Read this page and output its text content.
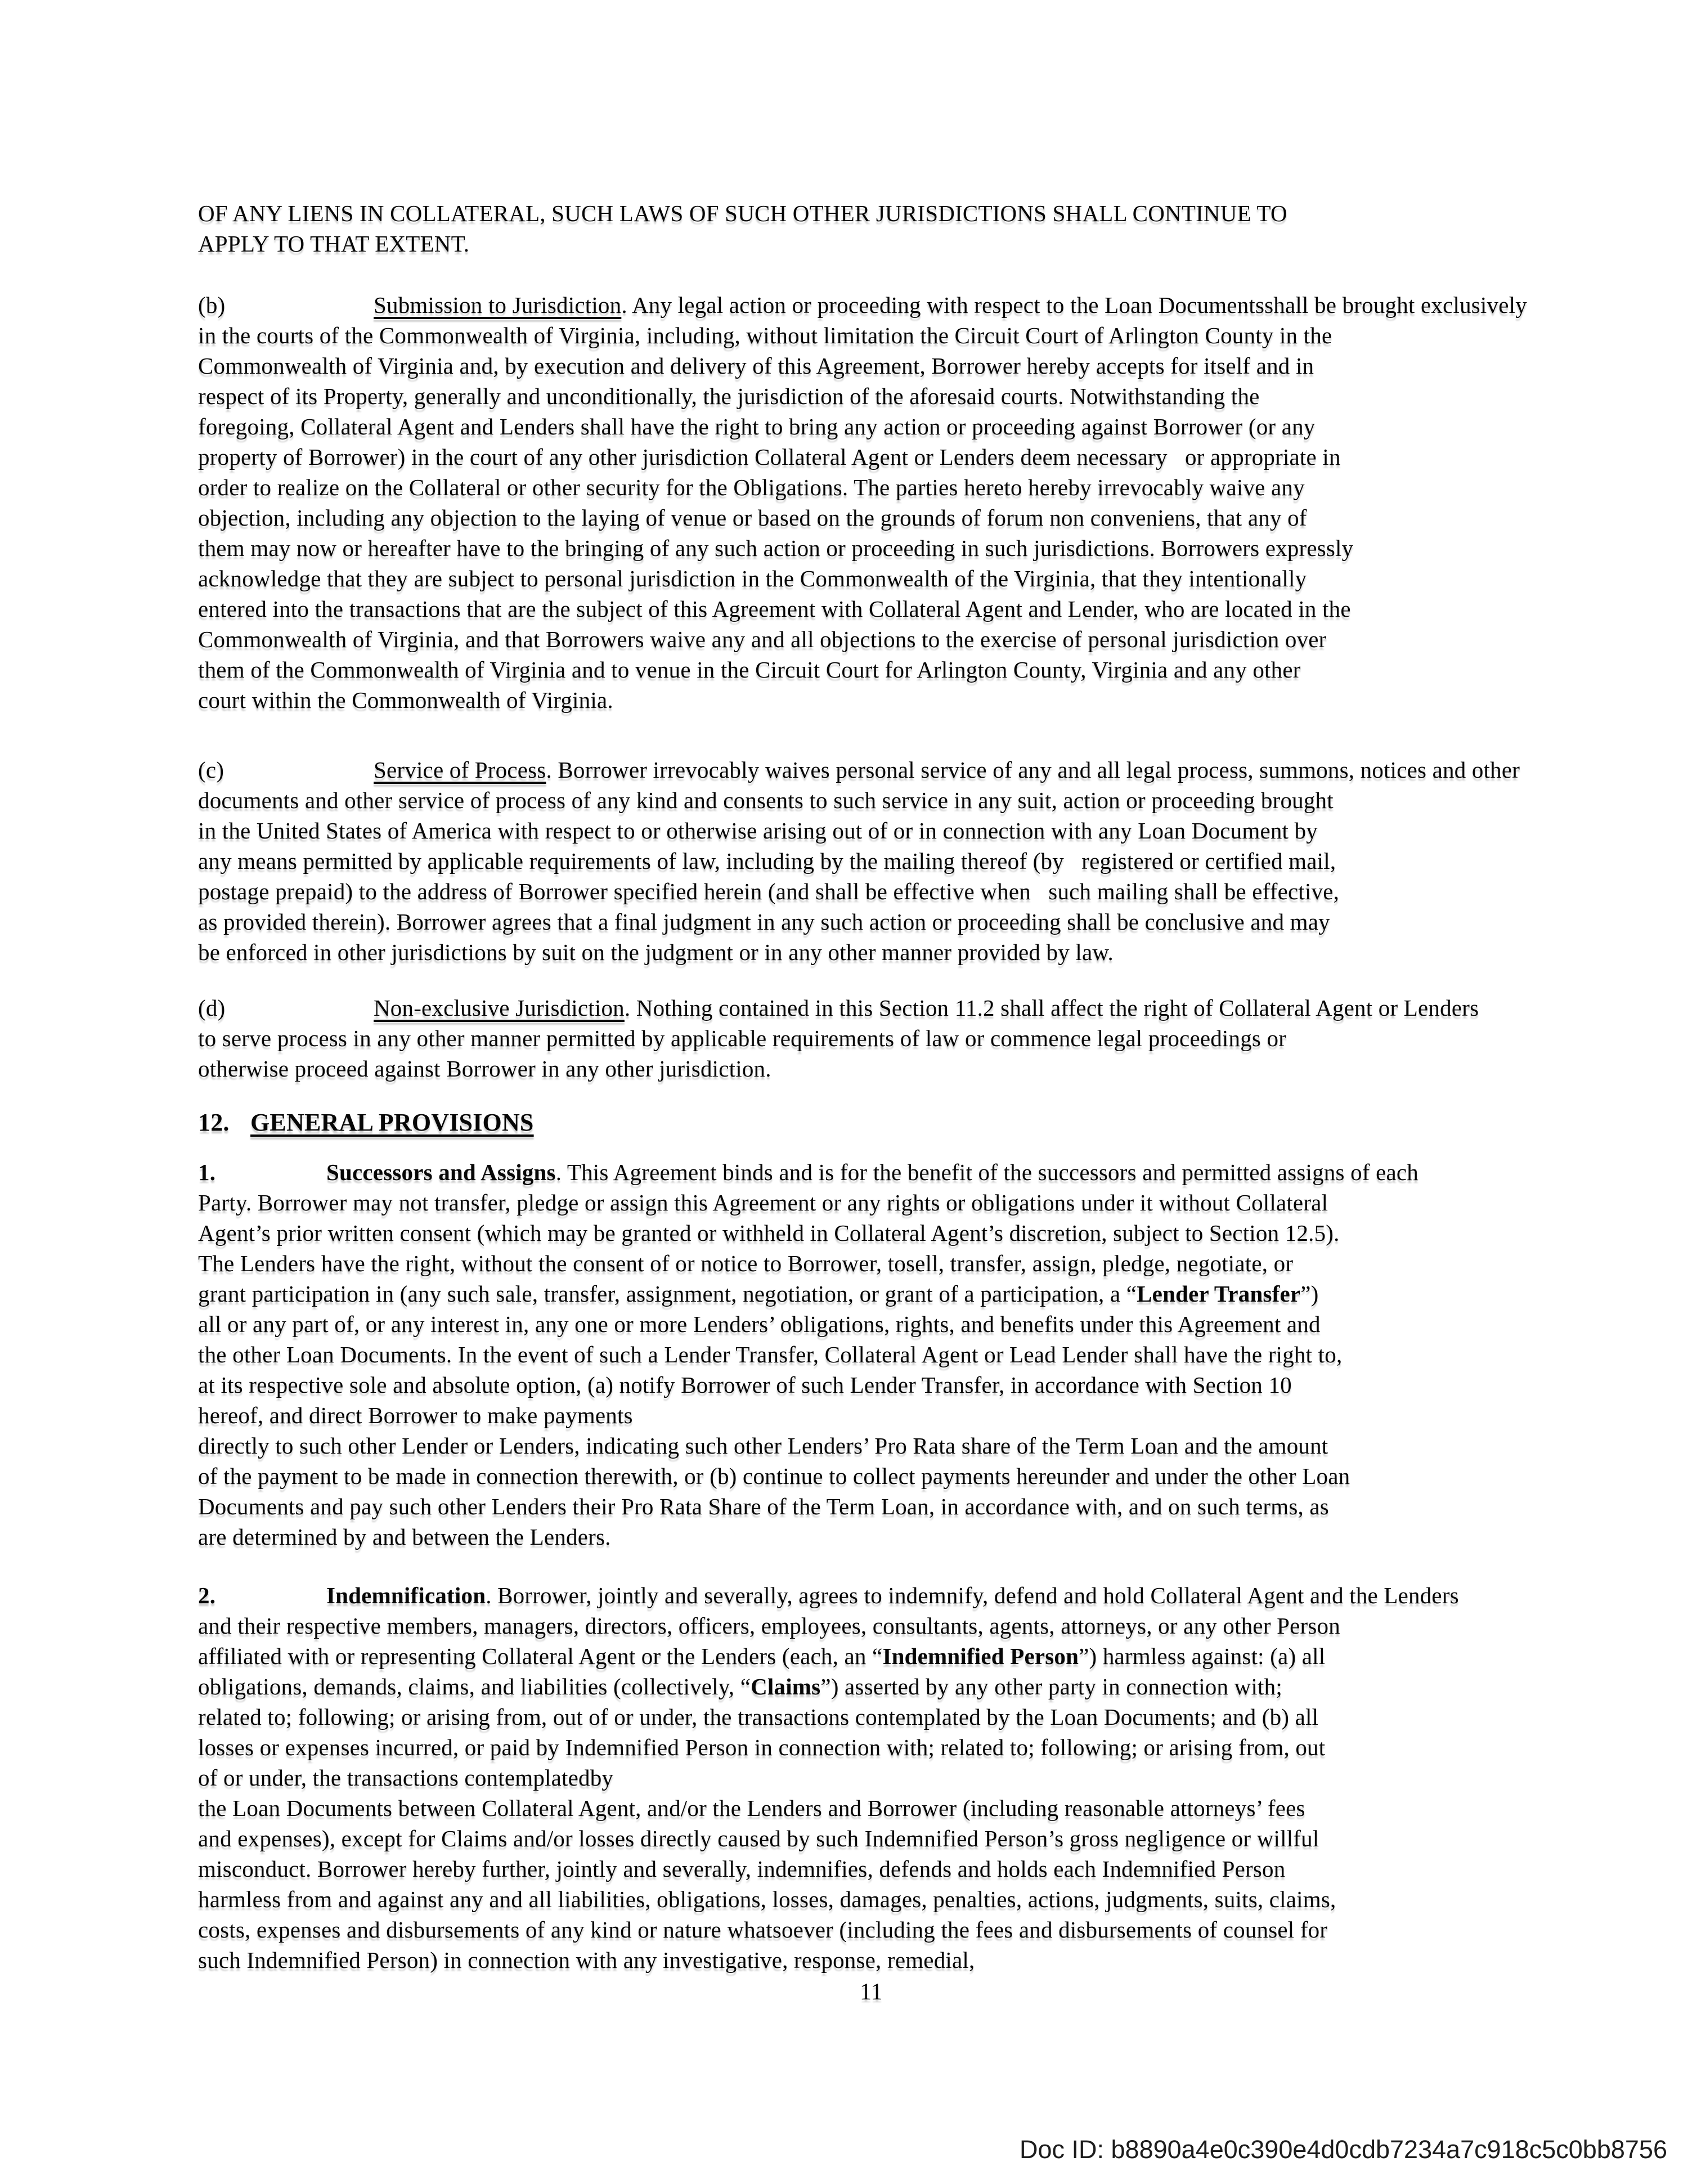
OF ANY LIENS IN COLLATERAL, SUCH LAWS OF SUCH OTHER JURISDICTIONS SHALL CONTINUE TO
APPLY TO THAT EXTENT.
(b)	Submission to Jurisdiction. Any legal action or proceeding with respect to the Loan Documentsshall be brought exclusively
in the courts of the Commonwealth of Virginia, including, without limitation the Circuit Court of Arlington County in the
Commonwealth of Virginia and, by execution and delivery of this Agreement, Borrower hereby accepts for itself and in
respect of its Property, generally and unconditionally, the jurisdiction of the aforesaid courts. Notwithstanding the
foregoing, Collateral Agent and Lenders shall have the right to bring any action or proceeding against Borrower (or any
property of Borrower) in the court of any other jurisdiction Collateral Agent or Lenders deem necessary   or appropriate in
order to realize on the Collateral or other security for the Obligations. The parties hereto hereby irrevocably waive any
objection, including any objection to the laying of venue or based on the grounds of forum non conveniens, that any of
them may now or hereafter have to the bringing of any such action or proceeding in such jurisdictions. Borrowers expressly
acknowledge that they are subject to personal jurisdiction in the Commonwealth of the Virginia, that they intentionally
entered into the transactions that are the subject of this Agreement with Collateral Agent and Lender, who are located in the
Commonwealth of Virginia, and that Borrowers waive any and all objections to the exercise of personal jurisdiction over
them of the Commonwealth of Virginia and to venue in the Circuit Court for Arlington County, Virginia and any other
court within the Commonwealth of Virginia.
(c)	Service of Process. Borrower irrevocably waives personal service of any and all legal process, summons, notices and other
documents and other service of process of any kind and consents to such service in any suit, action or proceeding brought
in the United States of America with respect to or otherwise arising out of or in connection with any Loan Document by
any means permitted by applicable requirements of law, including by the mailing thereof (by   registered or certified mail,
postage prepaid) to the address of Borrower specified herein (and shall be effective when   such mailing shall be effective,
as provided therein). Borrower agrees that a final judgment in any such action or proceeding shall be conclusive and may
be enforced in other jurisdictions by suit on the judgment or in any other manner provided by law.
(d)	Non-exclusive Jurisdiction. Nothing contained in this Section 11.2 shall affect the right of Collateral Agent or Lenders
to serve process in any other manner permitted by applicable requirements of law or commence legal proceedings or
otherwise proceed against Borrower in any other jurisdiction.
12. GENERAL PROVISIONS
1.	Successors and Assigns. This Agreement binds and is for the benefit of the successors and permitted assigns of each
Party. Borrower may not transfer, pledge or assign this Agreement or any rights or obligations under it without Collateral
Agent’s prior written consent (which may be granted or withheld in Collateral Agent’s discretion, subject to Section 12.5).
The Lenders have the right, without the consent of or notice to Borrower, tosell, transfer, assign, pledge, negotiate, or
grant participation in (any such sale, transfer, assignment, negotiation, or grant of a participation, a “Lender Transfer”)
all or any part of, or any interest in, any one or more Lenders’ obligations, rights, and benefits under this Agreement and
the other Loan Documents. In the event of such a Lender Transfer, Collateral Agent or Lead Lender shall have the right to,
at its respective sole and absolute option, (a) notify Borrower of such Lender Transfer, in accordance with Section 10
hereof, and direct Borrower to make payments
directly to such other Lender or Lenders, indicating such other Lenders’ Pro Rata share of the Term Loan and the amount
of the payment to be made in connection therewith, or (b) continue to collect payments hereunder and under the other Loan
Documents and pay such other Lenders their Pro Rata Share of the Term Loan, in accordance with, and on such terms, as
are determined by and between the Lenders.
2.	Indemnification. Borrower, jointly and severally, agrees to indemnify, defend and hold Collateral Agent and the Lenders
and their respective members, managers, directors, officers, employees, consultants, agents, attorneys, or any other Person
affiliated with or representing Collateral Agent or the Lenders (each, an “Indemnified Person”) harmless against: (a) all
obligations, demands, claims, and liabilities (collectively, “Claims”) asserted by any other party in connection with;
related to; following; or arising from, out of or under, the transactions contemplated by the Loan Documents; and (b) all
losses or expenses incurred, or paid by Indemnified Person in connection with; related to; following; or arising from, out
of or under, the transactions contemplatedby
the Loan Documents between Collateral Agent, and/or the Lenders and Borrower (including reasonable attorneys’ fees
and expenses), except for Claims and/or losses directly caused by such Indemnified Person’s gross negligence or willful
misconduct. Borrower hereby further, jointly and severally, indemnifies, defends and holds each Indemnified Person
harmless from and against any and all liabilities, obligations, losses, damages, penalties, actions, judgments, suits, claims,
costs, expenses and disbursements of any kind or nature whatsoever (including the fees and disbursements of counsel for
such Indemnified Person) in connection with any investigative, response, remedial,
11
Doc ID: b8890a4e0c390e4d0cdb7234a7c918c5c0bb8756
